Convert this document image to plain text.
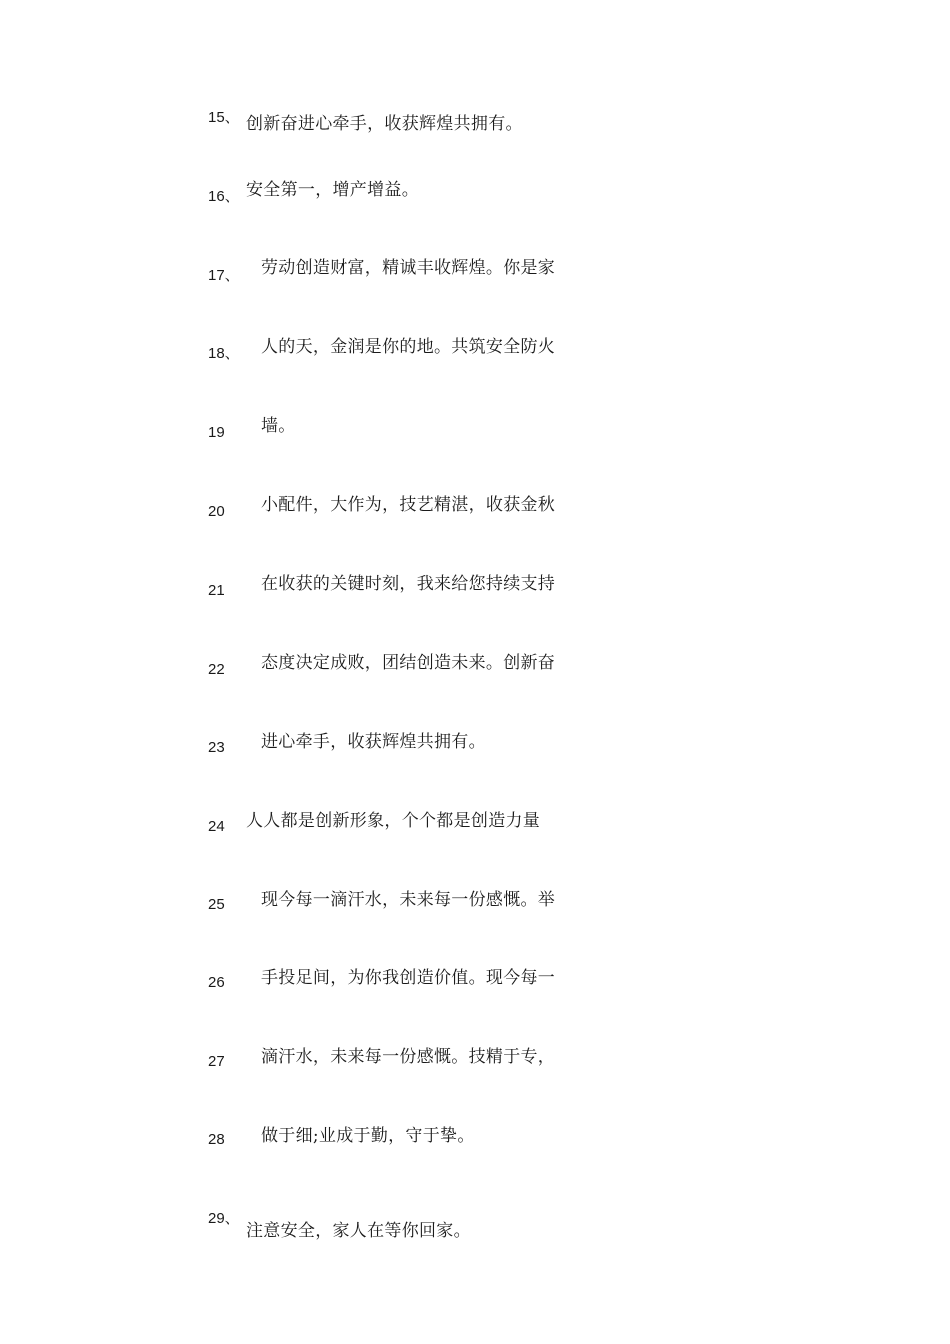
15、 创新奋进心牵手，收获辉煌共拥有。
16、 安全第一，增产增益。
17、 劳动创造财富，精诚丰收辉煌。你是家
18、 人的天，金润是你的地。共筑安全防火
19 墙。
20 小配件，大作为，技艺精湛，收获金秋
21 在收获的关键时刻，我来给您持续支持
22 态度决定成败，团结创造未来。创新奋
23 进心牵手，收获辉煌共拥有。
24 人人都是创新形象，个个都是创造力量
25 现今每一滴汗水，未来每一份感慨。举
26 手投足间，为你我创造价值。现今每一
27 滴汗水，未来每一份感慨。技精于专，
28 做于细;业成于勤，守于挚。
29、
注意安全，家人在等你回家。
